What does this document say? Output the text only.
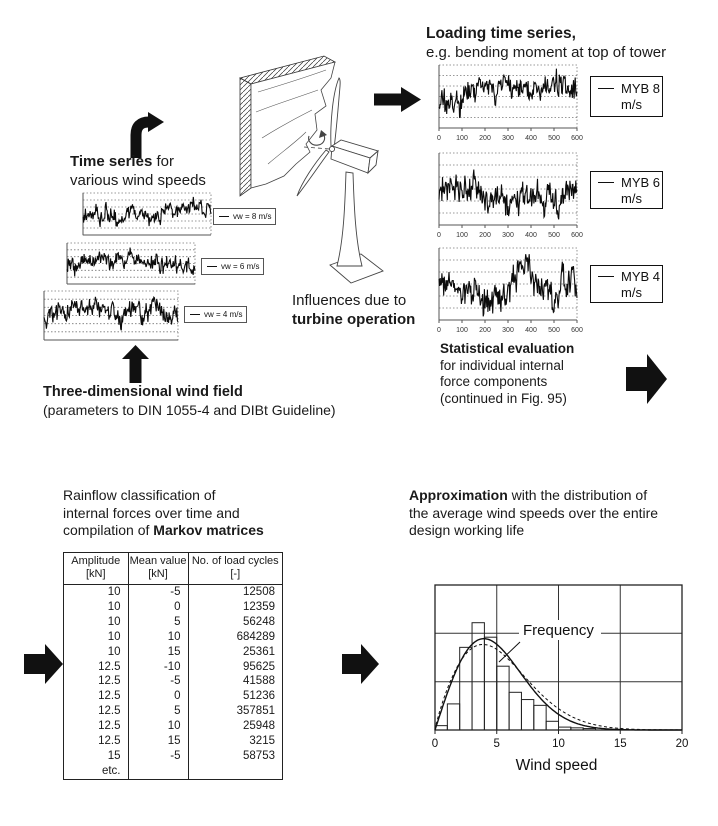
Time series for
various wind speeds
vw = 8 m/s
vw = 6 m/s
vw = 4 m/s
Three-dimensional wind field
(parameters to DIN 1055-4 and DIBt Guideline)
Influences due to
turbine operation
Loading time series,
e.g. bending moment at top of tower
0 100 200 300 400 500 600
MYB 8
m/s
0 100 200 300 400 500 600
MYB 6
m/s
0 100 200 300 400 500 600
MYB 4
m/s
Statistical evaluation
for individual internal
force components
(continued in Fig. 95)
Rainflow classification of
internal forces over time and
compilation of Markov matrices
Amplitude
[kN]

Mean value
[kN]

No. of load cycles
[-]

10	-5	12508
10	0	12359
10	5	56248
10	10	684289
10	15	25361
12.5	-10	95625
12.5	-5	41588
12.5	0	51236
12.5	5	357851
12.5	10	25948
12.5	15	3215
15	-5	58753
etc.		
Approximation with the distribution of
the average wind speeds over the entire
design working life
0	5	10	15	20
Frequency
Wind speed
